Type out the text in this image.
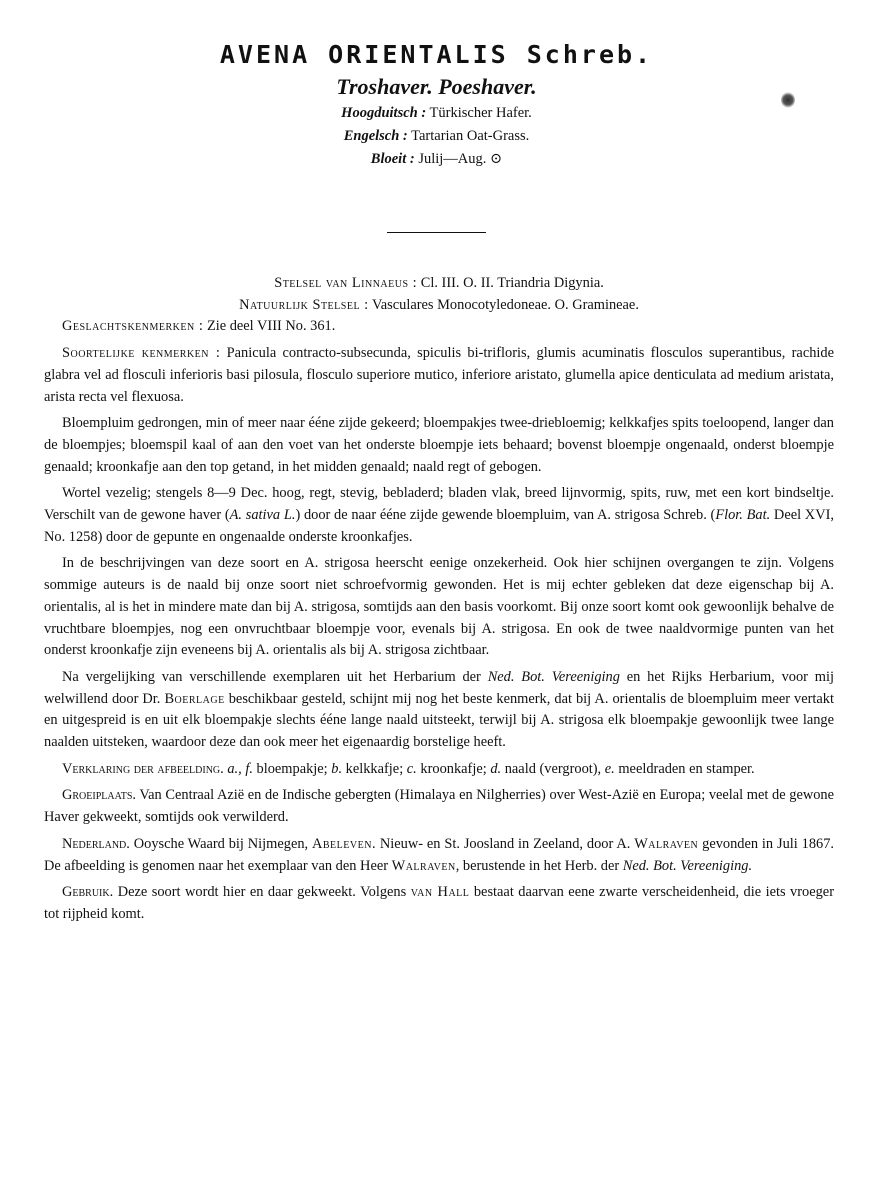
AVENA ORIENTALIS Schreb.
Troshaver. Poeshaver.
Hoogduitsch : Türkischer Hafer.
Engelsch : Tartarian Oat-Grass.
Bloeit : Julij—Aug. ⊙
Stelsel van Linnaeus : Cl. III. O. II. Triandria Digynia.
Natuurlijk Stelsel : Vasculares Monocotyledoneae. O. Gramineae.

Geslachtskenmerken : Zie deel VIII No. 361.

Soortelijke kenmerken : Panicula contracto-subsecunda, spiculis bi-trifloris, glumis acuminatis flosculos superantibus, rachide glabra vel ad flosculi inferioris basi pilosula, flosculo superiore mutico, inferiore aristato, glumella apice denticulata ad medium aristata, arista recta vel flexuosa.

Bloempluim gedrongen, min of meer naar ééne zijde gekeerd; bloempakjes twee-driebloemig; kelkkafjes spits toeloopend, langer dan de bloempjes; bloemspil kaal of aan den voet van het onderste bloempje iets behaard; bovenst bloempje ongenaald, onderst bloempje genaald; kroonkafje aan den top getand, in het midden genaald; naald regt of gebogen.

Wortel vezelig; stengels 8—9 Dec. hoog, regt, stevig, bebladerd; bladen vlak, breed lijnvormig, spits, ruw, met een kort bindseltje. Verschilt van de gewone haver (A. sativa L.) door de naar ééne zijde gewende bloempluim, van A. strigosa Schreb. (Flor. Bat. Deel XVI, No. 1258) door de gepunte en ongenaalde onderste kroonkafjes.

In de beschrijvingen van deze soort en A. strigosa heerscht eenige onzekerheid. Ook hier schijnen overgangen te zijn. Volgens sommige auteurs is de naald bij onze soort niet schroefvormig gewonden. Het is mij echter gebleken dat deze eigenschap bij A. orientalis, al is het in mindere mate dan bij A. strigosa, somtijds aan den basis voorkomt. Bij onze soort komt ook gewoonlijk behalve de vruchtbare bloempjes, nog een onvruchtbaar bloempje voor, evenals bij A. strigosa. En ook de twee naaldvormige punten van het onderst kroonkafje zijn eveneens bij A. orientalis als bij A. strigosa zichtbaar.

Na vergelijking van verschillende exemplaren uit het Herbarium der Ned. Bot. Vereeniging en het Rijks Herbarium, voor mij welwillend door Dr. Boerlage beschikbaar gesteld, schijnt mij nog het beste kenmerk, dat bij A. orientalis de bloempluim meer vertakt en uitgespreid is en uit elk bloempakje slechts ééne lange naald uitsteekt, terwijl bij A. strigosa elk bloempakje gewoonlijk twee lange naalden uitsteken, waardoor deze dan ook meer het eigenaardig borstelige heeft.

Verklaring der afbeelding. a., f. bloempakje; b. kelkkafje; c. kroonkafje; d. naald (vergroot), e. meeldraden en stamper.

Groeiplaats. Van Centraal Azië en de Indische gebergten (Himalaya en Nilgherries) over West-Azië en Europa; veelal met de gewone Haver gekweekt, somtijds ook verwilderd.

Nederland. Ooysche Waard bij Nijmegen, Abeleven. Nieuw- en St. Joosland in Zeeland, door A. Walraven gevonden in Juli 1867. De afbeelding is genomen naar het exemplaar van den Heer Walraven, berustende in het Herb. der Ned. Bot. Vereeniging.

Gebruik. Deze soort wordt hier en daar gekweekt. Volgens van Hall bestaat daarvan eene zwarte verscheidenheid, die iets vroeger tot rijpheid komt.
